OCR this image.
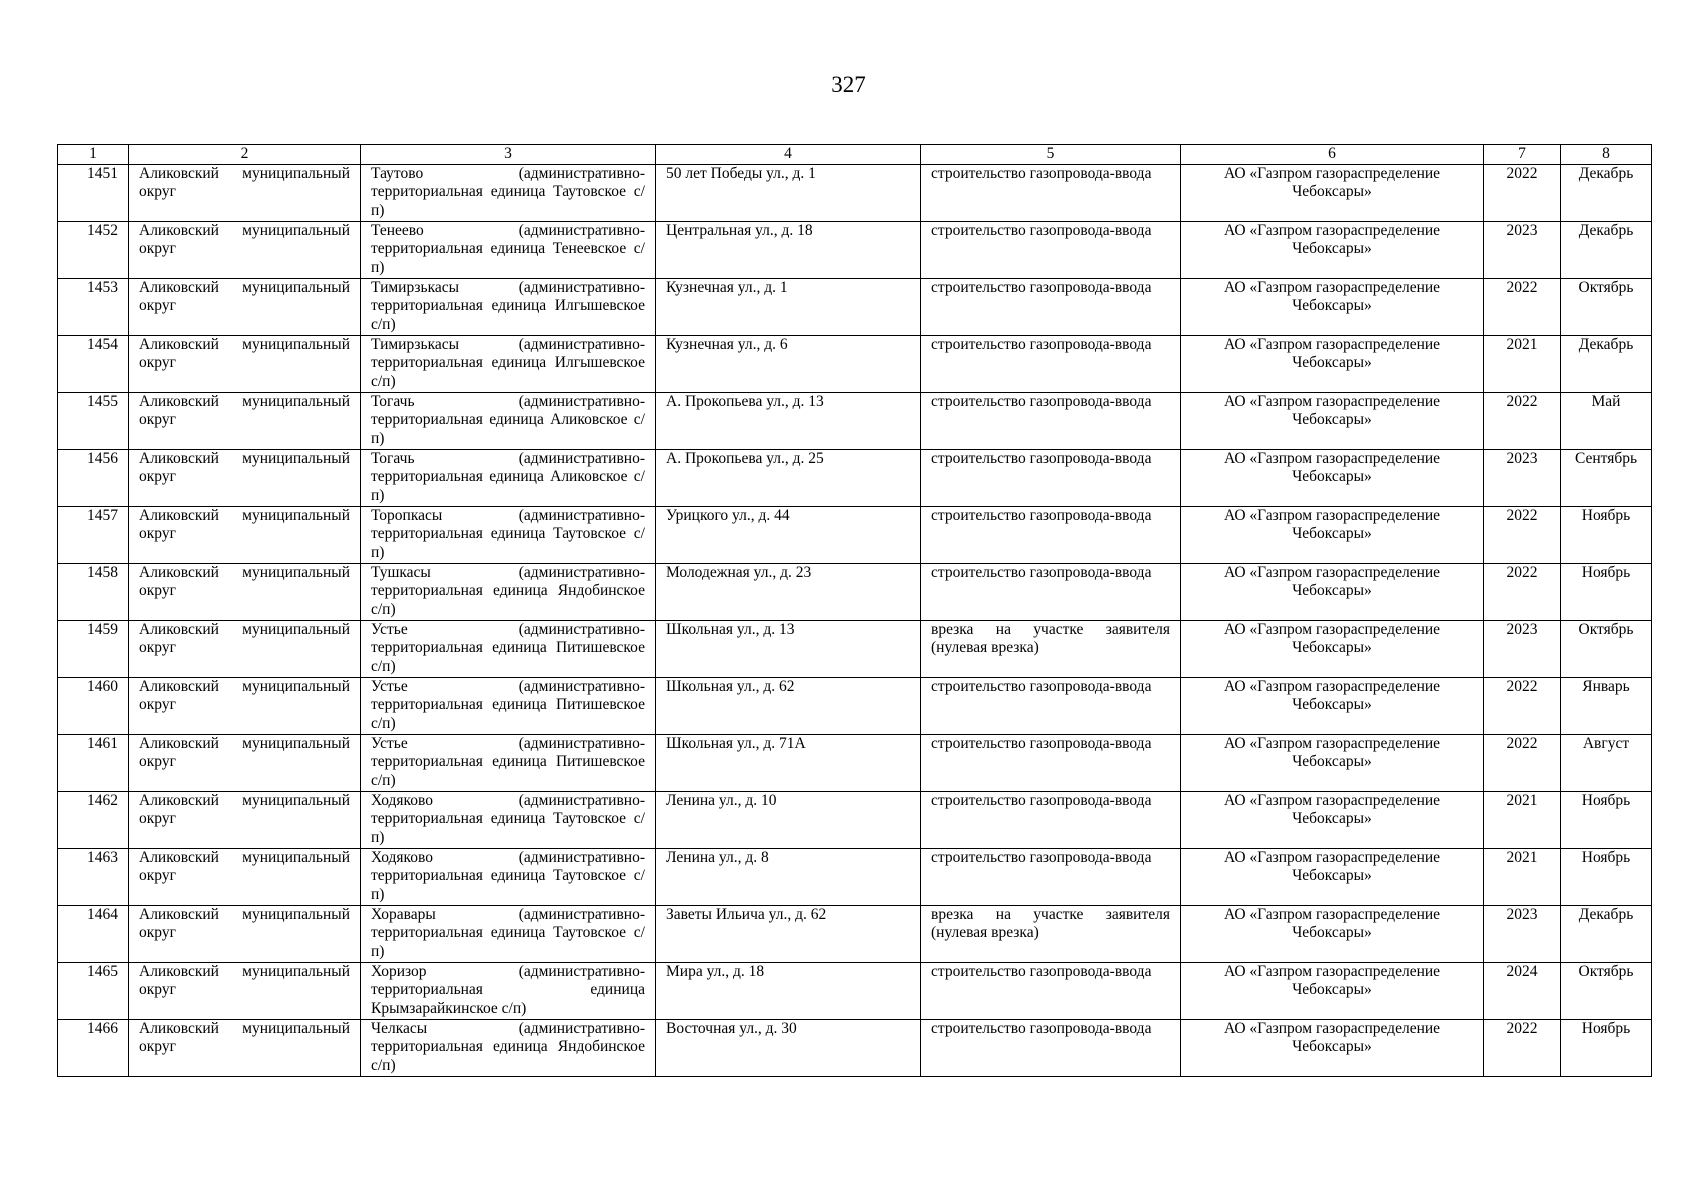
327
1	2	3	4	5	6	7	8
1451	Аликовский муниципальный округ	Таутово (административно-территориальная единица Таутовское с/п)	50 лет Победы ул., д. 1	строительство газопровода-ввода	АО «Газпром газораспределение Чебоксары»	2022	Декабрь
1452	Аликовский муниципальный округ	Тенеево (административно-территориальная единица Тенеевское с/п)	Центральная ул., д. 18	строительство газопровода-ввода	АО «Газпром газораспределение Чебоксары»	2023	Декабрь
1453	Аликовский муниципальный округ	Тимирзькасы (административно-территориальная единица Илгышевское с/п)	Кузнечная ул., д. 1	строительство газопровода-ввода	АО «Газпром газораспределение Чебоксары»	2022	Октябрь
1454	Аликовский муниципальный округ	Тимирзькасы (административно-территориальная единица Илгышевское с/п)	Кузнечная ул., д. 6	строительство газопровода-ввода	АО «Газпром газораспределение Чебоксары»	2021	Декабрь
1455	Аликовский муниципальный округ	Тогачь (административно-территориальная единица Аликовское с/п)	А. Прокопьева ул., д. 13	строительство газопровода-ввода	АО «Газпром газораспределение Чебоксары»	2022	Май
1456	Аликовский муниципальный округ	Тогачь (административно-территориальная единица Аликовское с/п)	А. Прокопьева ул., д. 25	строительство газопровода-ввода	АО «Газпром газораспределение Чебоксары»	2023	Сентябрь
1457	Аликовский муниципальный округ	Торопкасы (административно-территориальная единица Таутовское с/п)	Урицкого ул., д. 44	строительство газопровода-ввода	АО «Газпром газораспределение Чебоксары»	2022	Ноябрь
1458	Аликовский муниципальный округ	Тушкасы (административно-территориальная единица Яндобинское с/п)	Молодежная ул., д. 23	строительство газопровода-ввода	АО «Газпром газораспределение Чебоксары»	2022	Ноябрь
1459	Аликовский муниципальный округ	Устье (административно-территориальная единица Питишевское с/п)	Школьная ул., д. 13	врезка на участке заявителя (нулевая врезка)	АО «Газпром газораспределение Чебоксары»	2023	Октябрь
1460	Аликовский муниципальный округ	Устье (административно-территориальная единица Питишевское с/п)	Школьная ул., д. 62	строительство газопровода-ввода	АО «Газпром газораспределение Чебоксары»	2022	Январь
1461	Аликовский муниципальный округ	Устье (административно-территориальная единица Питишевское с/п)	Школьная ул., д. 71А	строительство газопровода-ввода	АО «Газпром газораспределение Чебоксары»	2022	Август
1462	Аликовский муниципальный округ	Ходяково (административно-территориальная единица Таутовское с/п)	Ленина ул., д. 10	строительство газопровода-ввода	АО «Газпром газораспределение Чебоксары»	2021	Ноябрь
1463	Аликовский муниципальный округ	Ходяково (административно-территориальная единица Таутовское с/п)	Ленина ул., д. 8	строительство газопровода-ввода	АО «Газпром газораспределение Чебоксары»	2021	Ноябрь
1464	Аликовский муниципальный округ	Хоравары (административно-территориальная единица Таутовское с/п)	Заветы Ильича ул., д. 62	врезка на участке заявителя (нулевая врезка)	АО «Газпром газораспределение Чебоксары»	2023	Декабрь
1465	Аликовский муниципальный округ	Хоризор (административно-территориальная единица Крымзарайкинское с/п)	Мира ул., д. 18	строительство газопровода-ввода	АО «Газпром газораспределение Чебоксары»	2024	Октябрь
1466	Аликовский муниципальный округ	Челкасы (административно-территориальная единица Яндобинское с/п)	Восточная ул., д. 30	строительство газопровода-ввода	АО «Газпром газораспределение Чебоксары»	2022	Ноябрь
